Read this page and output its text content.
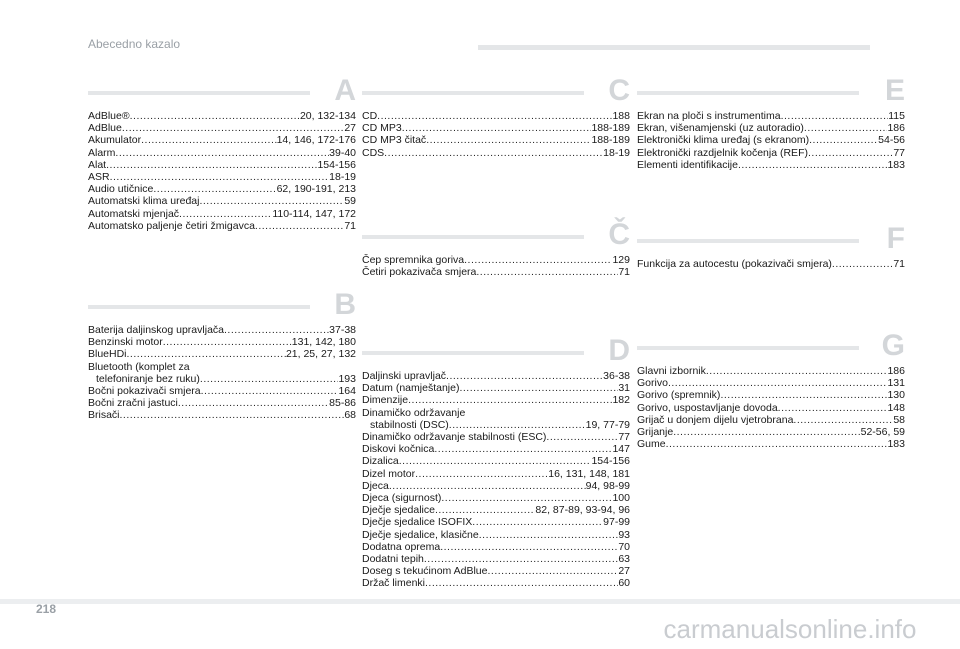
Abecedno kazalo
A
AdBlue® .....	20, 132-134
AdBlue .....	27
Akumulator .....	14, 146, 172-176
Alarm .....	39-40
Alat .....	154-156
ASR .....	18-19
Audio utičnice .....	62, 190-191, 213
Automatski klima uređaj .....	59
Automatski mjenjač .....	110-114, 147, 172
Automatsko paljenje četiri žmigavca .....	71
B
Baterija daljinskog upravljača .....	37-38
Benzinski motor .....	131, 142, 180
BlueHDi .....	21, 25, 27, 132
Bluetooth (komplet za
telefoniranje bez ruku) .....	193
Bočni pokazivači smjera .....	164
Bočni zračni jastuci .....	85-86
Brisači .....	68
C
CD .....	188
CD MP3 .....	188-189
CD MP3 čitač .....	188-189
CDS .....	18-19
Č
Čep spremnika goriva .....	129
Četiri pokazivača smjera .....	71
D
Daljinski upravljač .....	36-38
Datum (namještanje) .....	31
Dimenzije .....	182
Dinamičko održavanje
stabilnosti (DSC) .....	19, 77-79
Dinamičko održavanje stabilnosti (ESC) .....	77
Diskovi kočnica .....	147
Dizalica .....	154-156
Dizel motor .....	16, 131, 148, 181
Djeca .....	94, 98-99
Djeca (sigurnost) .....	100
Dječje sjedalice .....	82, 87-89, 93-94, 96
Dječje sjedalice ISOFIX .....	97-99
Dječje sjedalice, klasične .....	93
Dodatna oprema .....	70
Dodatni tepih .....	63
Doseg s tekućinom AdBlue .....	27
Držač limenki .....	60
E
Ekran na ploči s instrumentima .....	115
Ekran, višenamjenski (uz autoradio) .....	186
Elektronički klima uređaj (s ekranom) .....	54-56
Elektronički razdjelnik kočenja (REF) .....	77
Elementi identifikacije .....	183
F
Funkcija za autocestu (pokazivači smjera) .....	71
G
Glavni izbornik .....	186
Gorivo .....	131
Gorivo (spremnik) .....	130
Gorivo, uspostavljanje dovoda .....	148
Grijač u donjem dijelu vjetrobrana .....	58
Grijanje .....	52-56, 59
Gume .....	183
218
carmanualsonline.info
